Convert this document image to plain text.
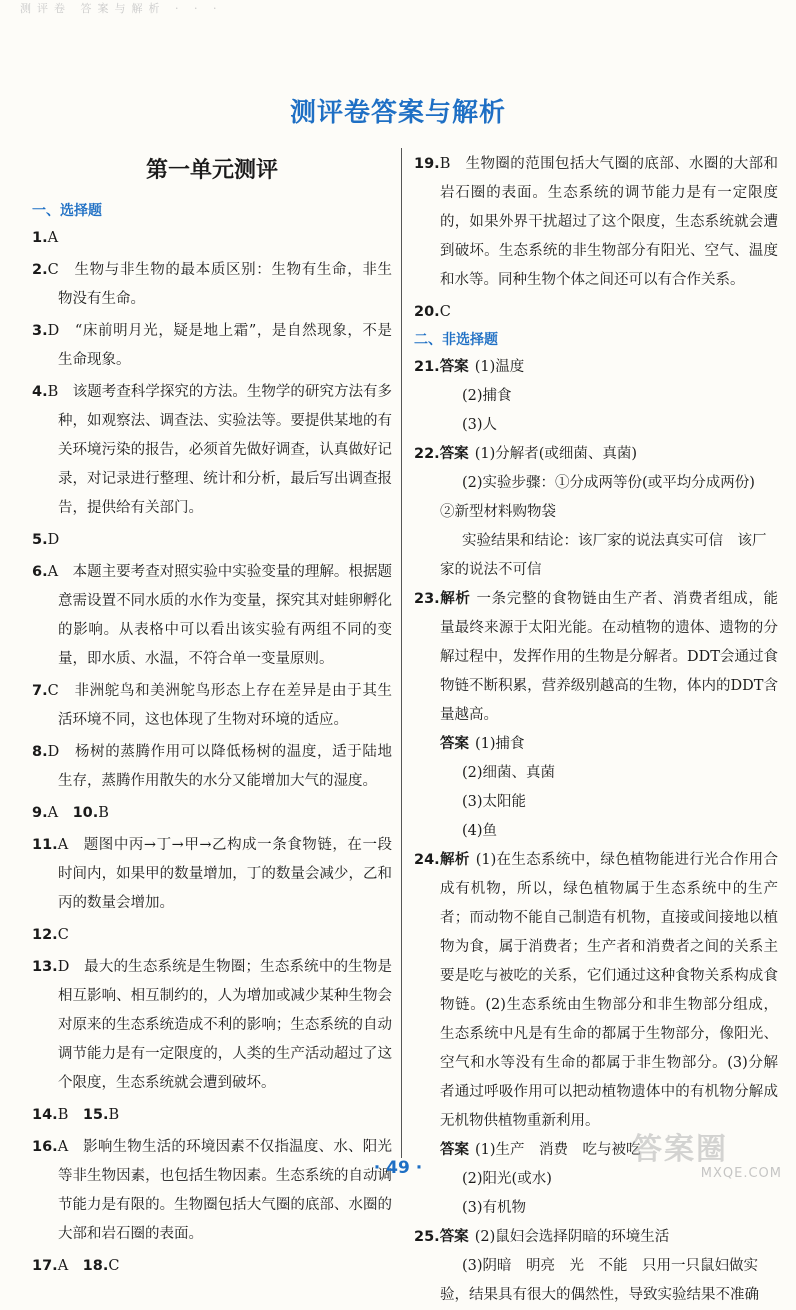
测评卷 答案与解析 · · ·
测评卷答案与解析
第一单元测评
一、选择题

1.A

2.C　生物与非生物的最本质区别：生物有生命，非生物没有生命。

3.D　“床前明月光，疑是地上霜”，是自然现象，不是生命现象。

4.B　该题考查科学探究的方法。生物学的研究方法有多种，如观察法、调查法、实验法等。要提供某地的有关环境污染的报告，必须首先做好调查，认真做好记录，对记录进行整理、统计和分析，最后写出调查报告，提供给有关部门。

5.D

6.A　本题主要考查对照实验中实验变量的理解。根据题意需设置不同水质的水作为变量，探究其对蛙卵孵化的影响。从表格中可以看出该实验有两组不同的变量，即水质、水温，不符合单一变量原则。

7.C　非洲鸵鸟和美洲鸵鸟形态上存在差异是由于其生活环境不同，这也体现了生物对环境的适应。

8.D　杨树的蒸腾作用可以降低杨树的温度，适于陆地生存，蒸腾作用散失的水分又能增加大气的湿度。

9.A　10.B

11.A　题图中丙→丁→甲→乙构成一条食物链，在一段时间内，如果甲的数量增加，丁的数量会减少，乙和丙的数量会增加。

12.C

13.D　最大的生态系统是生物圈；生态系统中的生物是相互影响、相互制约的，人为增加或减少某种生物会对原来的生态系统造成不利的影响；生态系统的自动调节能力是有一定限度的，人类的生产活动超过了这个限度，生态系统就会遭到破坏。

14.B　15.B

16.A　影响生物生活的环境因素不仅指温度、水、阳光等非生物因素，也包括生物因素。生态系统的自动调节能力是有限的。生物圈包括大气圈的底部、水圈的大部和岩石圈的表面。

17.A　18.C

19.B　生物圈的范围包括大气圈的底部、水圈的大部和岩石圈的表面。生态系统的调节能力是有一定限度的，如果外界干扰超过了这个限度，生态系统就会遭到破坏。生态系统的非生物部分有阳光、空气、温度和水等。同种生物个体之间还可以有合作关系。

20.C

二、非选择题

21.答案 (1)温度

(2)捕食

(3)人

22.答案 (1)分解者(或细菌、真菌)

(2)实验步骤：①分成两等份(或平均分成两份)

②新型材料购物袋

实验结果和结论：该厂家的说法真实可信　该厂家的说法不可信

23.解析 一条完整的食物链由生产者、消费者组成，能量最终来源于太阳光能。在动植物的遗体、遗物的分解过程中，发挥作用的生物是分解者。DDT会通过食物链不断积累，营养级别越高的生物，体内的DDT含量越高。

答案 (1)捕食

(2)细菌、真菌

(3)太阳能

(4)鱼

24.解析 (1)在生态系统中，绿色植物能进行光合作用合成有机物，所以，绿色植物属于生态系统中的生产者；而动物不能自己制造有机物，直接或间接地以植物为食，属于消费者；生产者和消费者之间的关系主要是吃与被吃的关系，它们通过这种食物关系构成食物链。(2)生态系统由生物部分和非生物部分组成，生态系统中凡是有生命的都属于生物部分，像阳光、空气和水等没有生命的都属于非生物部分。(3)分解者通过呼吸作用可以把动植物遗体中的有机物分解成无机物供植物重新利用。

答案 (1)生产　消费　吃与被吃

(2)阳光(或水)

(3)有机物

25.答案 (2)鼠妇会选择阴暗的环境生活

(3)阴暗　明亮　光　不能　只用一只鼠妇做实验，结果具有很大的偶然性，导致实验结果不准确

· 49 ·
答案圈
MXQE.COM
